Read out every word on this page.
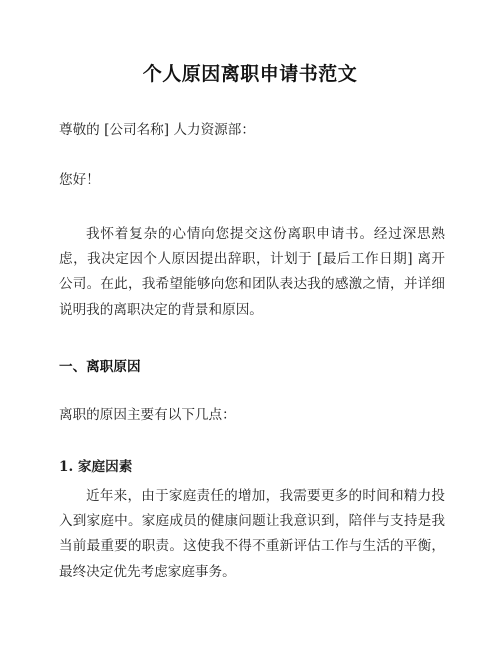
个人原因离职申请书范文
尊敬的 [公司名称] 人力资源部：
您好！
我怀着复杂的心情向您提交这份离职申请书。经过深思熟虑，我决定因个人原因提出辞职，计划于 [最后工作日期] 离开公司。在此，我希望能够向您和团队表达我的感激之情，并详细说明我的离职决定的背景和原因。
一、离职原因
离职的原因主要有以下几点：
1. 家庭因素
近年来，由于家庭责任的增加，我需要更多的时间和精力投入到家庭中。家庭成员的健康问题让我意识到，陪伴与支持是我当前最重要的职责。这使我不得不重新评估工作与生活的平衡，最终决定优先考虑家庭事务。
